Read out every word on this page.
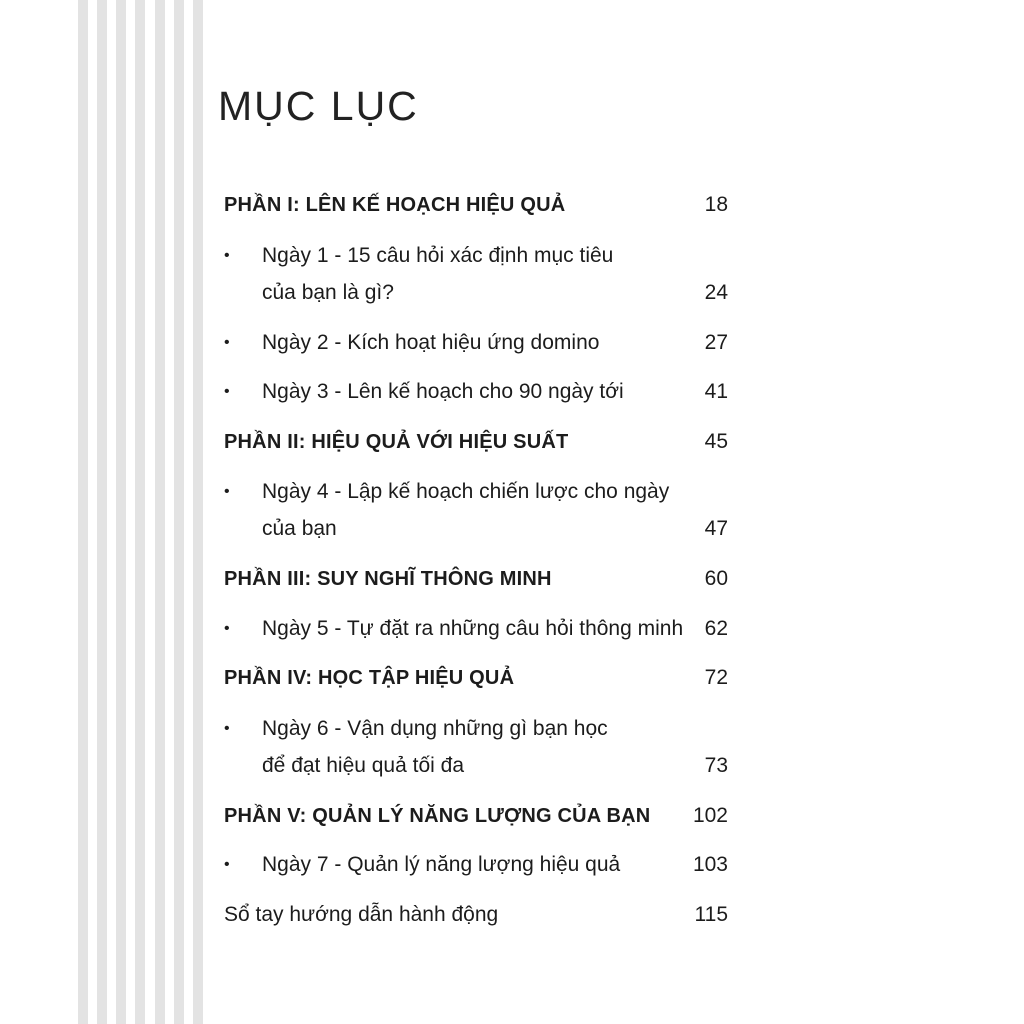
MỤC LỤC
PHẦN I: LÊN KẾ HOẠCH HIỆU QUẢ	18
• Ngày 1 - 15 câu hỏi xác định mục tiêu
của bạn là gì?	24
• Ngày 2 - Kích hoạt hiệu ứng domino	27
• Ngày 3 - Lên kế hoạch cho 90 ngày tới	41
PHẦN II: HIỆU QUẢ VỚI HIỆU SUẤT	45
• Ngày 4 - Lập kế hoạch chiến lược cho ngày
của bạn	47
PHẦN III: SUY NGHĨ THÔNG MINH	60
• Ngày 5 - Tự đặt ra những câu hỏi thông minh 62
PHẦN IV: HỌC TẬP HIỆU QUẢ	72
• Ngày 6 - Vận dụng những gì bạn học
để đạt hiệu quả tối đa	73
PHẦN V: QUẢN LÝ NĂNG LƯỢNG CỦA BẠN 102
• Ngày 7 - Quản lý năng lượng hiệu quả	103
Sổ tay hướng dẫn hành động	115
